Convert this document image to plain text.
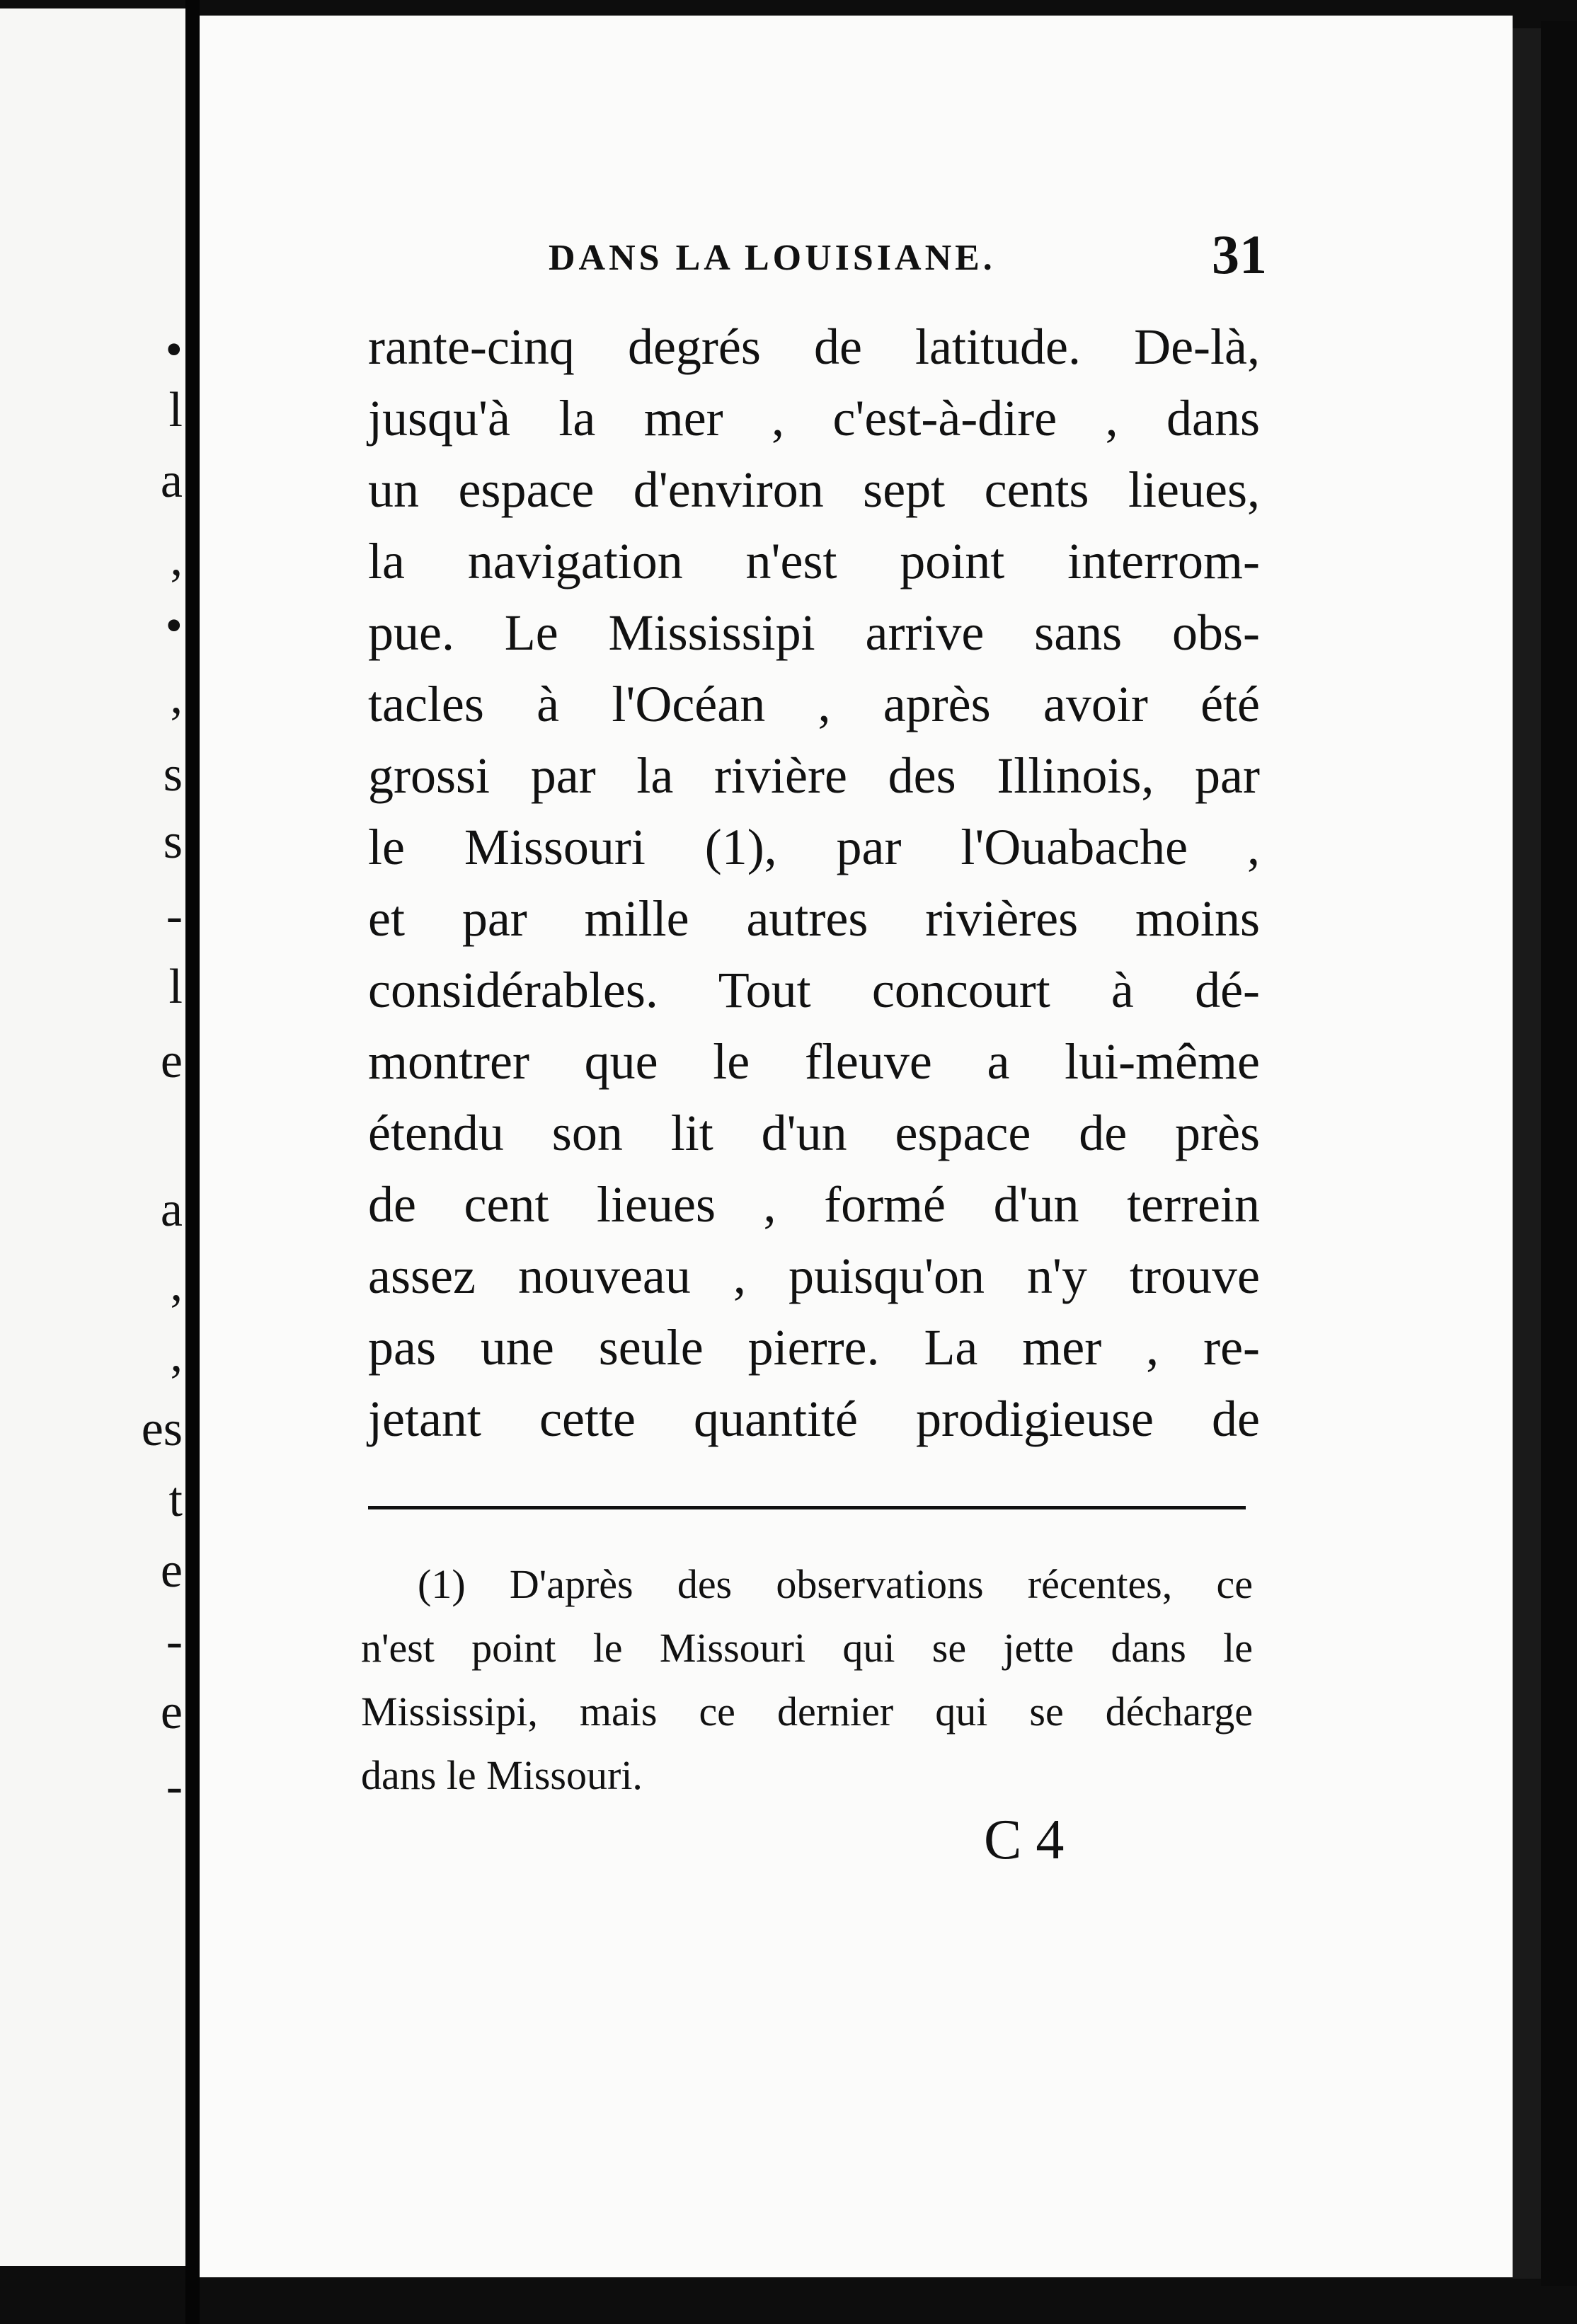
•
l
a
,
•
,
s
s
-
l
e
a
,
,
es
t
e
-
e
-
DANS LA LOUISIANE.	31
rante-cinq degrés de latitude. De-là,
jusqu'à la mer , c'est-à-dire , dans
un espace d'environ sept cents lieues,
la navigation n'est point interrom-
pue. Le Mississipi arrive sans obs-
tacles à l'Océan , après avoir été
grossi par la rivière des Illinois, par
le Missouri (1), par l'Ouabache ,
et par mille autres rivières moins
considérables. Tout concourt à dé-
montrer que le fleuve a lui-même
étendu son lit d'un espace de près
de cent lieues , formé d'un terrein
assez nouveau , puisqu'on n'y trouve
pas une seule pierre. La mer , re-
jetant cette quantité prodigieuse de
(1) D'après des observations récentes, ce
n'est point le Missouri qui se jette dans le
Mississipi, mais ce dernier qui se décharge
dans le Missouri.
C 4
